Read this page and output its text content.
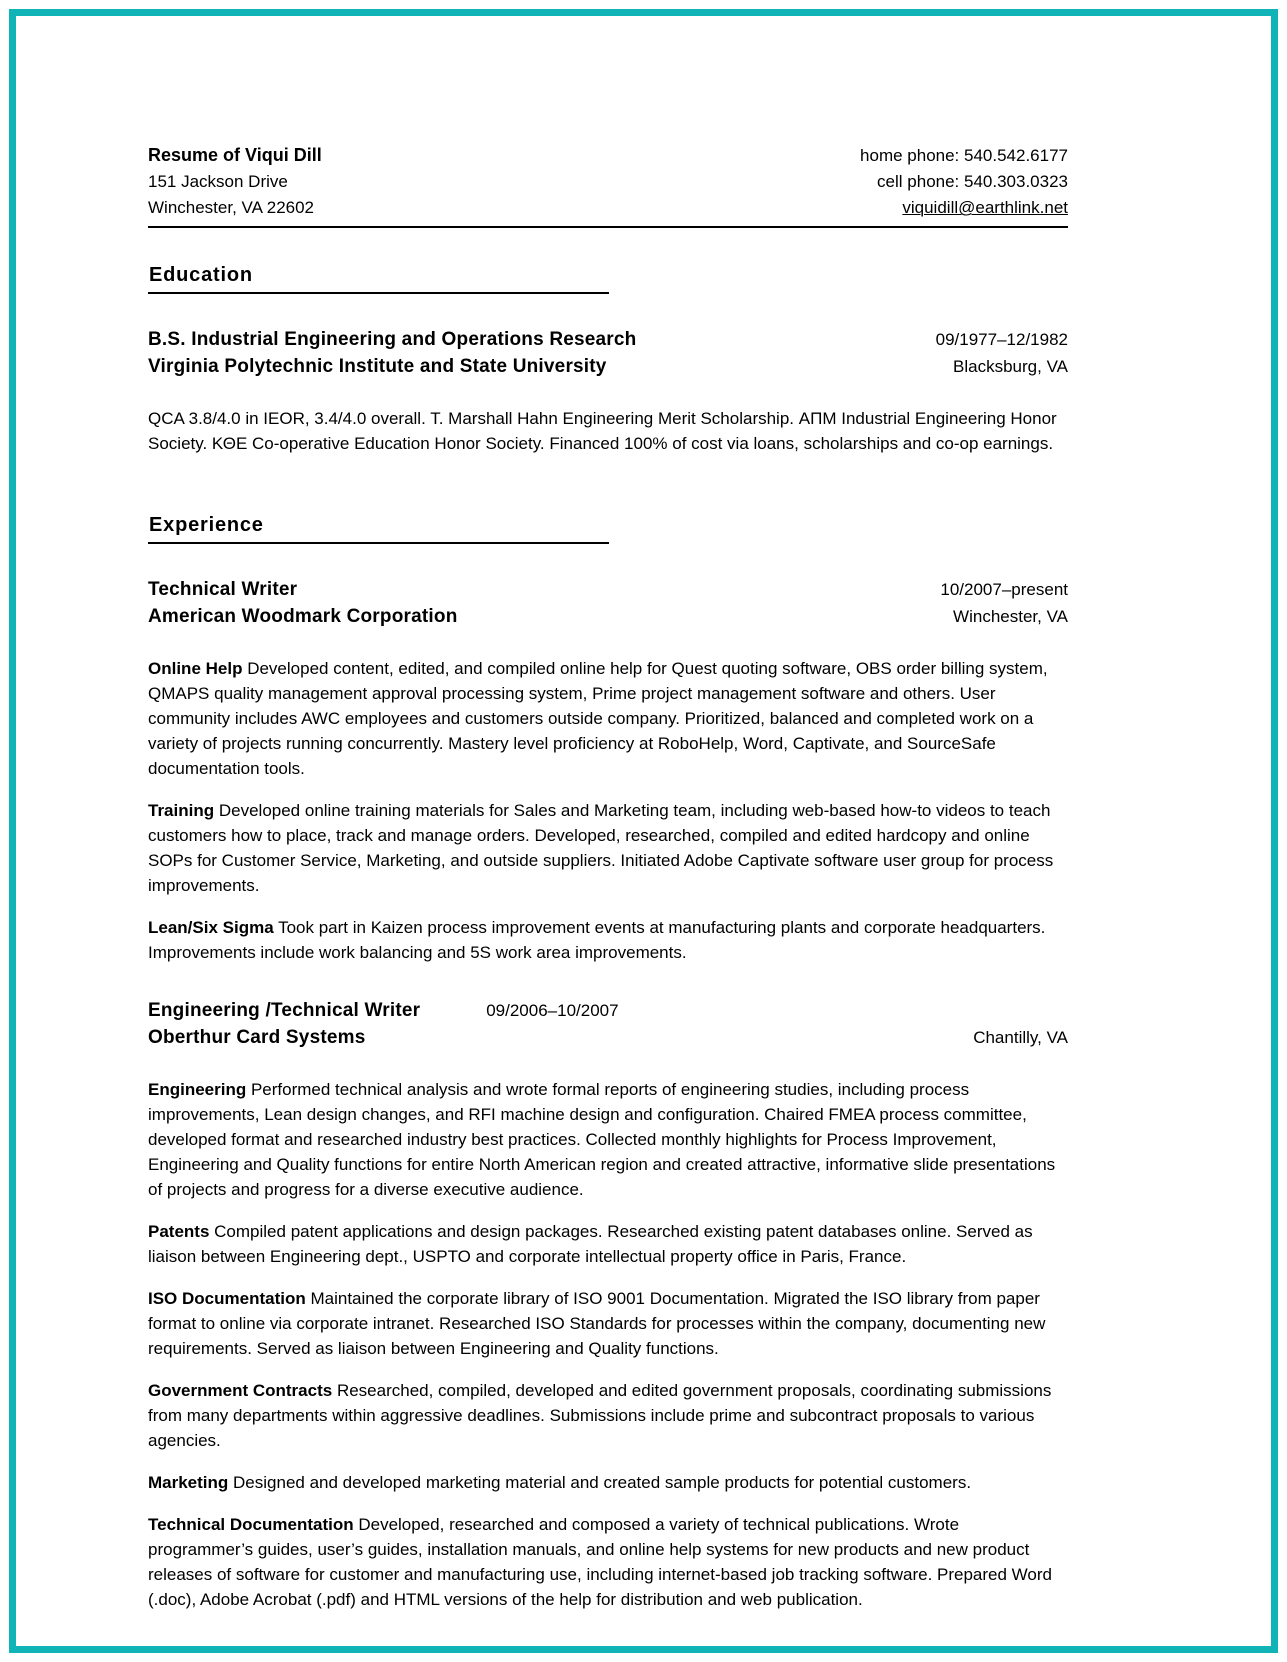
Resume of Viqui Dill	home phone: 540.542.6177
151 Jackson Drive	cell phone: 540.303.0323
Winchester, VA 22602	viquidill@earthlink.net
Education
B.S. Industrial Engineering and Operations Research	09/1977–12/1982
Virginia Polytechnic Institute and State University	Blacksburg, VA

QCA 3.8/4.0 in IEOR, 3.4/4.0 overall. T. Marshall Hahn Engineering Merit Scholarship. ΑΠΜ Industrial Engineering Honor Society. ΚΘΕ Co-operative Education Honor Society. Financed 100% of cost via loans, scholarships and co-op earnings.

Experience
Technical Writer	10/2007–present
American Woodmark Corporation	Winchester, VA

Online Help Developed content, edited, and compiled online help for Quest quoting software, OBS order billing system, QMAPS quality management approval processing system, Prime project management software and others. User community includes AWC employees and customers outside company. Prioritized, balanced and completed work on a variety of projects running concurrently. Mastery level proficiency at RoboHelp, Word, Captivate, and SourceSafe documentation tools.

Training Developed online training materials for Sales and Marketing team, including web-based how-to videos to teach customers how to place, track and manage orders. Developed, researched, compiled and edited hardcopy and online SOPs for Customer Service, Marketing, and outside suppliers. Initiated Adobe Captivate software user group for process improvements.

Lean/Six Sigma Took part in Kaizen process improvement events at manufacturing plants and corporate headquarters. Improvements include work balancing and 5S work area improvements.

Engineering /Technical Writer	09/2006–10/2007
Oberthur Card Systems	Chantilly, VA

Engineering Performed technical analysis and wrote formal reports of engineering studies, including process improvements, Lean design changes, and RFI machine design and configuration. Chaired FMEA process committee, developed format and researched industry best practices. Collected monthly highlights for Process Improvement, Engineering and Quality functions for entire North American region and created attractive, informative slide presentations of projects and progress for a diverse executive audience.

Patents Compiled patent applications and design packages. Researched existing patent databases online. Served as liaison between Engineering dept., USPTO and corporate intellectual property office in Paris, France.

ISO Documentation Maintained the corporate library of ISO 9001 Documentation. Migrated the ISO library from paper format to online via corporate intranet. Researched ISO Standards for processes within the company, documenting new requirements. Served as liaison between Engineering and Quality functions.

Government Contracts Researched, compiled, developed and edited government proposals, coordinating submissions from many departments within aggressive deadlines. Submissions include prime and subcontract proposals to various agencies.

Marketing Designed and developed marketing material and created sample products for potential customers.

Technical Documentation Developed, researched and composed a variety of technical publications. Wrote programmer’s guides, user’s guides, installation manuals, and online help systems for new products and new product releases of software for customer and manufacturing use, including internet-based job tracking software. Prepared Word (.doc), Adobe Acrobat (.pdf) and HTML versions of the help for distribution and web publication.
